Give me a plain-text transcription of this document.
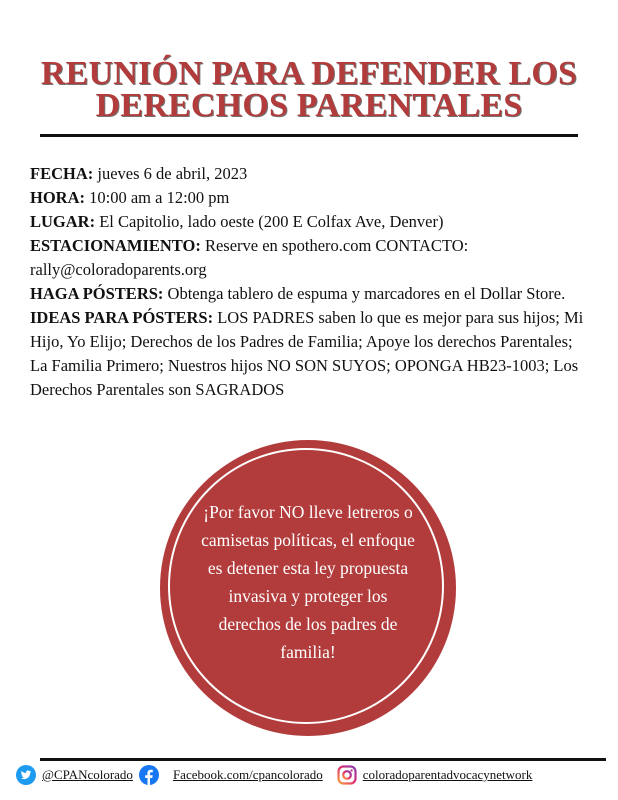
REUNIÓN PARA DEFENDER LOS
DERECHOS PARENTALES

FECHA: jueves 6 de abril, 2023

HORA: 10:00 am a 12:00 pm

LUGAR: El Capitolio, lado oeste (200 E Colfax Ave, Denver)

ESTACIONAMIENTO: Reserve en spothero.com CONTACTO: rally@coloradoparents.org

HAGA PÓSTERS: Obtenga tablero de espuma y marcadores en el Dollar Store.

IDEAS PARA PÓSTERS: LOS PADRES saben lo que es mejor para sus hijos; Mi Hijo, Yo Elijo; Derechos de los Padres de Familia; Apoye los derechos Parentales; La Familia Primero; Nuestros hijos NO SON SUYOS; OPONGA HB23-1003; Los Derechos Parentales son SAGRADOS

¡Por favor NO lleve letreros o camisetas políticas, el enfoque es detener esta ley propuesta invasiva y proteger los derechos de los padres de familia!
@CPANcolorado	Facebook.com/cpancolorado	coloradoparentadvocacynetwork
